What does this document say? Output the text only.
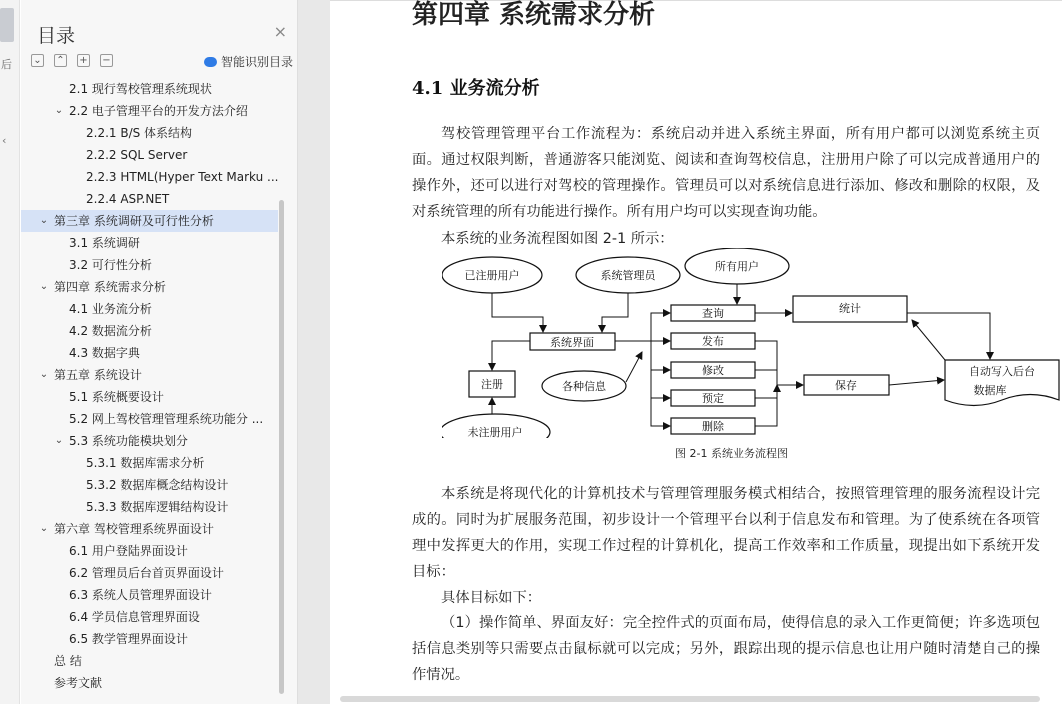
后
‹
目录	×
⌄ ⌃ + −	智能识别目录
2.1 现行驾校管理系统现状
⌄ 2.2 电子管理平台的开发方法介绍
2.2.1 B/S 体系结构
2.2.2 SQL Server
2.2.3 HTML(Hyper Text Marku ...
2.2.4 ASP.NET
⌄ 第三章 系统调研及可行性分析
3.1 系统调研
3.2 可行性分析
⌄ 第四章 系统需求分析
4.1 业务流分析
4.2 数据流分析
4.3 数据字典
⌄ 第五章 系统设计
5.1 系统概要设计
5.2 网上驾校管理管理系统功能分 ...
⌄ 5.3 系统功能模块划分
5.3.1 数据库需求分析
5.3.2 数据库概念结构设计
5.3.3 数据库逻辑结构设计
⌄ 第六章 驾校管理系统界面设计
6.1 用户登陆界面设计
6.2 管理员后台首页界面设计
6.3 系统人员管理界面设计
6.4 学员信息管理界面设
6.5 教学管理界面设计
总 结
参考文献
第四章 系统需求分析
4.1 业务流分析
驾校管理管理平台工作流程为：系统启动并进入系统主界面，所有用户都可以浏览系统主页面。通过权限判断，普通游客只能浏览、阅读和查询驾校信息，注册用户除了可以完成普通用户的操作外，还可以进行对驾校的管理操作。管理员可以对系统信息进行添加、修改和删除的权限，及对系统管理的所有功能进行操作。所有用户均可以实现查询功能。
本系统的业务流程图如图 2-1 所示：
已注册用户	系统管理员
所有用户
未注册用户
各种信息
系统界面
注册
查询
发布
修改
预定
删除
统计
保存
自动写入后台
数据库
图 2-1 系统业务流程图
本系统是将现代化的计算机技术与管理管理服务模式相结合，按照管理管理的服务流程设计完成的。同时为扩展服务范围，初步设计一个管理平台以利于信息发布和管理。为了使系统在各项管理中发挥更大的作用，实现工作过程的计算机化，提高工作效率和工作质量，现提出如下系统开发目标：
具体目标如下：
（1）操作简单、界面友好：完全控件式的页面布局，使得信息的录入工作更简便；许多选项包括信息类别等只需要点击鼠标就可以完成；另外，跟踪出现的提示信息也让用户随时清楚自己的操作情况。
